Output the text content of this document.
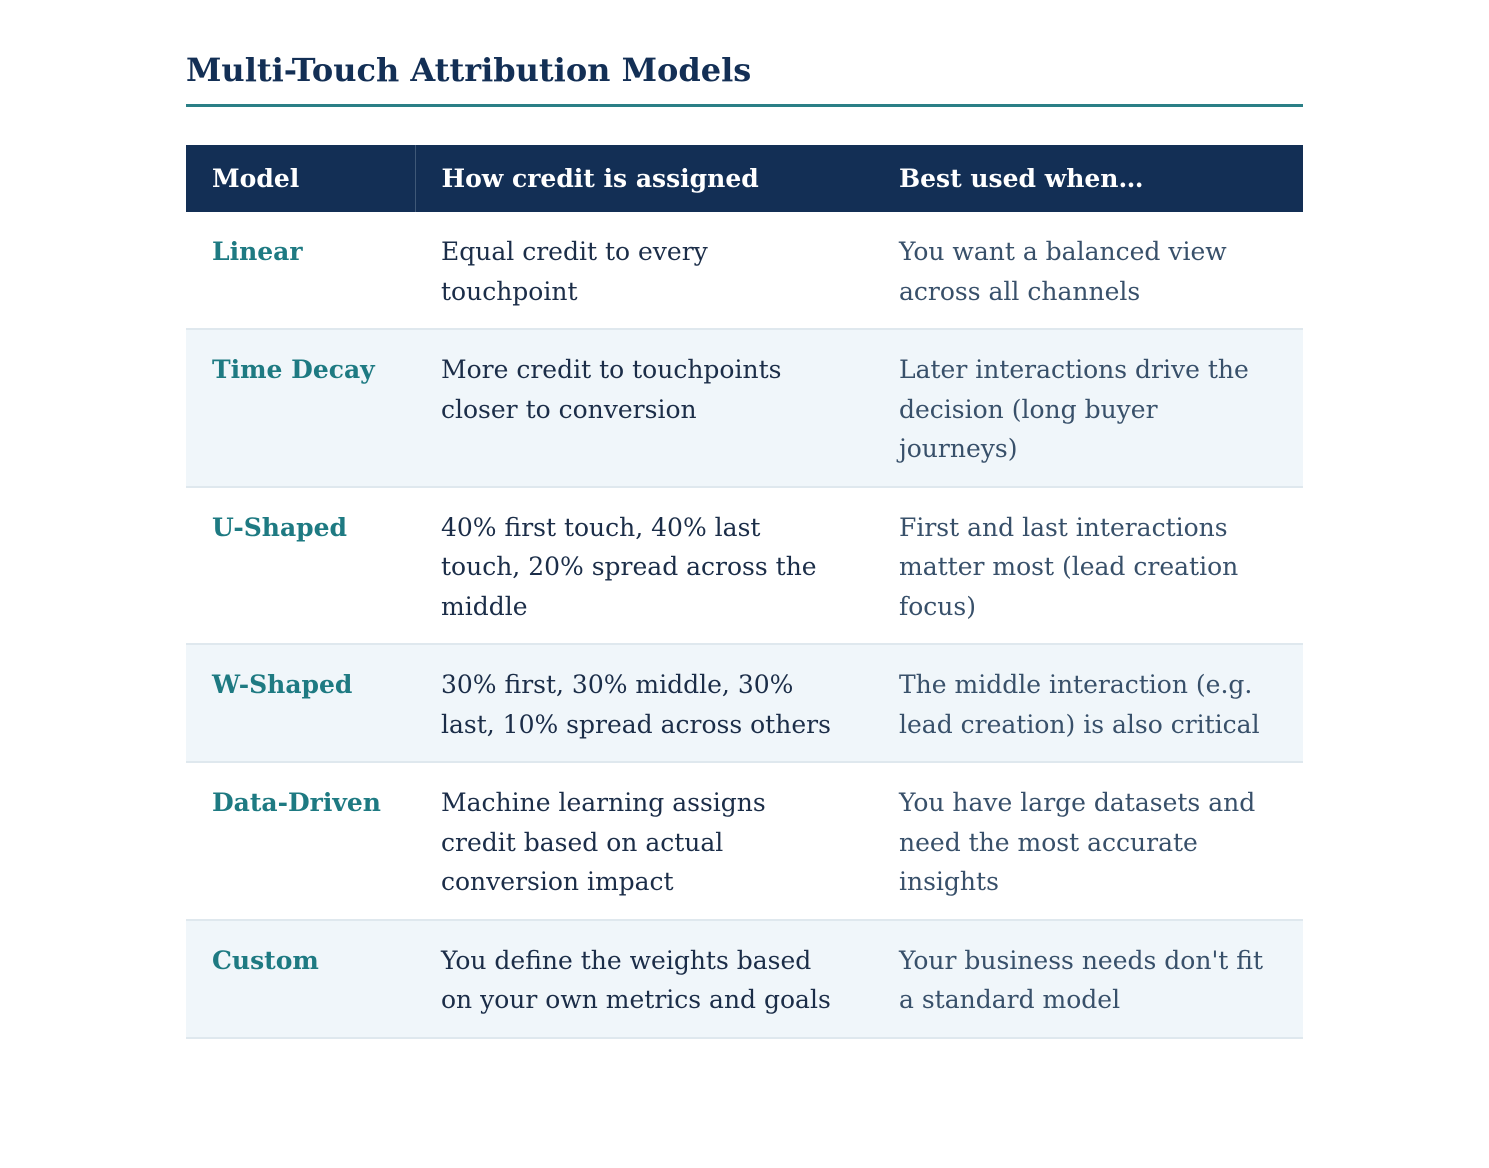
Multi-Touch Attribution Models
Model	How credit is assigned	Best used when…
Linear	Equal credit to every touchpoint	You want a balanced view across all channels
Time Decay	More credit to touchpoints closer to conversion	Later interactions drive the decision (long buyer journeys)
U-Shaped	40% first touch, 40% last touch, 20% spread across the middle	First and last interactions matter most (lead creation focus)
W-Shaped	30% first, 30% middle, 30% last, 10% spread across others	The middle interaction (e.g. lead creation) is also critical
Data-Driven	Machine learning assigns credit based on actual conversion impact	You have large datasets and need the most accurate insights
Custom	You define the weights based on your own metrics and goals	Your business needs don't fit a standard model
